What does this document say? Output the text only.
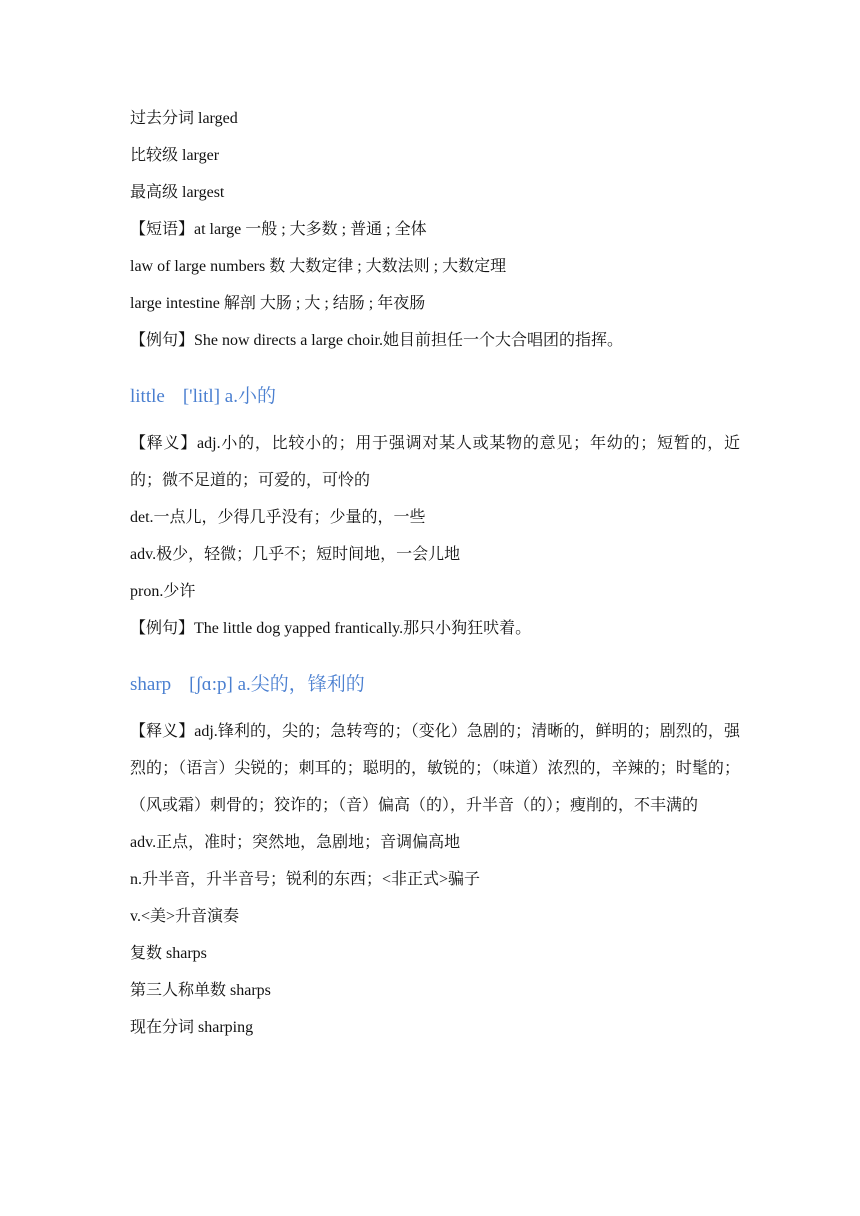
过去分词 larged
比较级 larger
最高级 largest
【短语】at large 一般 ; 大多数 ; 普通 ; 全体
law of large numbers 数 大数定律 ; 大数法则 ; 大数定理
large intestine 解剖 大肠 ; 大 ; 结肠 ; 年夜肠
【例句】She now directs a large choir.她目前担任一个大合唱团的指挥。
little ['litl] a.小的
【释义】adj.小的，比较小的；用于强调对某人或某物的意见；年幼的；短暂的，近的；微不足道的；可爱的，可怜的
det.一点儿，少得几乎没有；少量的，一些
adv.极少，轻微；几乎不；短时间地，一会儿地
pron.少许
【例句】The little dog yapped frantically.那只小狗狂吠着。
sharp [ʃɑ:p] a.尖的，锋利的
【释义】adj.锋利的，尖的；急转弯的；（变化）急剧的；清晰的，鲜明的；剧烈的，强烈的；（语言）尖锐的；刺耳的；聪明的，敏锐的；（味道）浓烈的，辛辣的；时髦的；（风或霜）刺骨的；狡诈的；（音）偏高（的），升半音（的）；瘦削的，不丰满的
adv.正点，准时；突然地，急剧地；音调偏高地
n.升半音，升半音号；锐利的东西；<非正式>骗子
v.<美>升音演奏
复数 sharps
第三人称单数 sharps
现在分词 sharping
